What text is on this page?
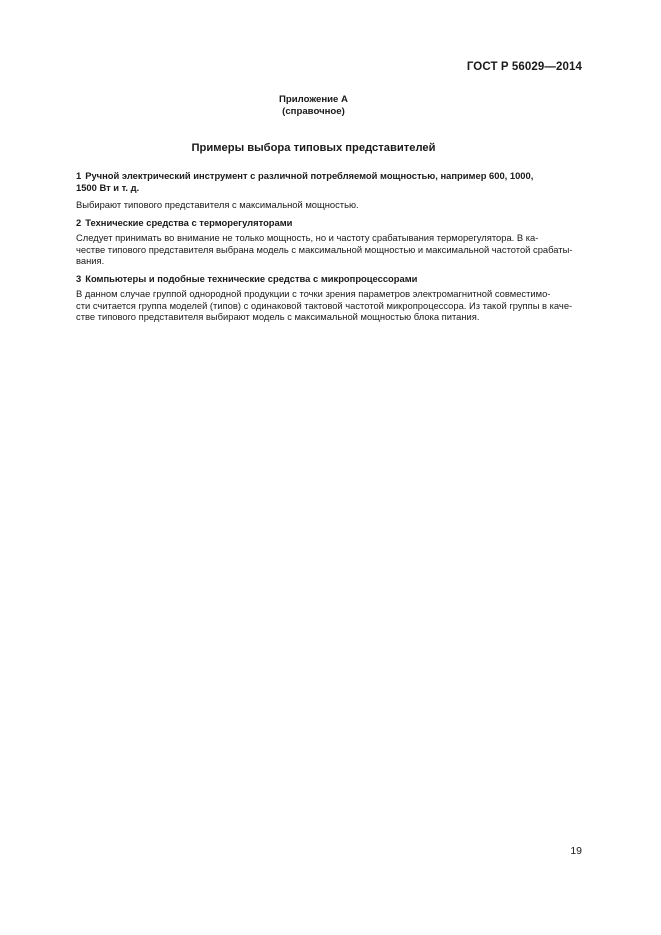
ГОСТ Р 56029—2014
Приложение А
(справочное)
Примеры выбора типовых представителей

1 Ручной электрический инструмент с различной потребляемой мощностью, например 600, 1000,
1500 Вт и т. д.

Выбирают типового представителя с максимальной мощностью.

2 Технические средства с терморегуляторами

Следует принимать во внимание не только мощность, но и частоту срабатывания терморегулятора. В ка-
честве типового представителя выбрана модель с максимальной мощностью и максимальной частотой срабаты-
вания.

3 Компьютеры и подобные технические средства с микропроцессорами

В данном случае группой однородной продукции с точки зрения параметров электромагнитной совместимо-
сти считается группа моделей (типов) с одинаковой тактовой частотой микропроцессора. Из такой группы в каче-
стве типового представителя выбирают модель с максимальной мощностью блока питания.

19
